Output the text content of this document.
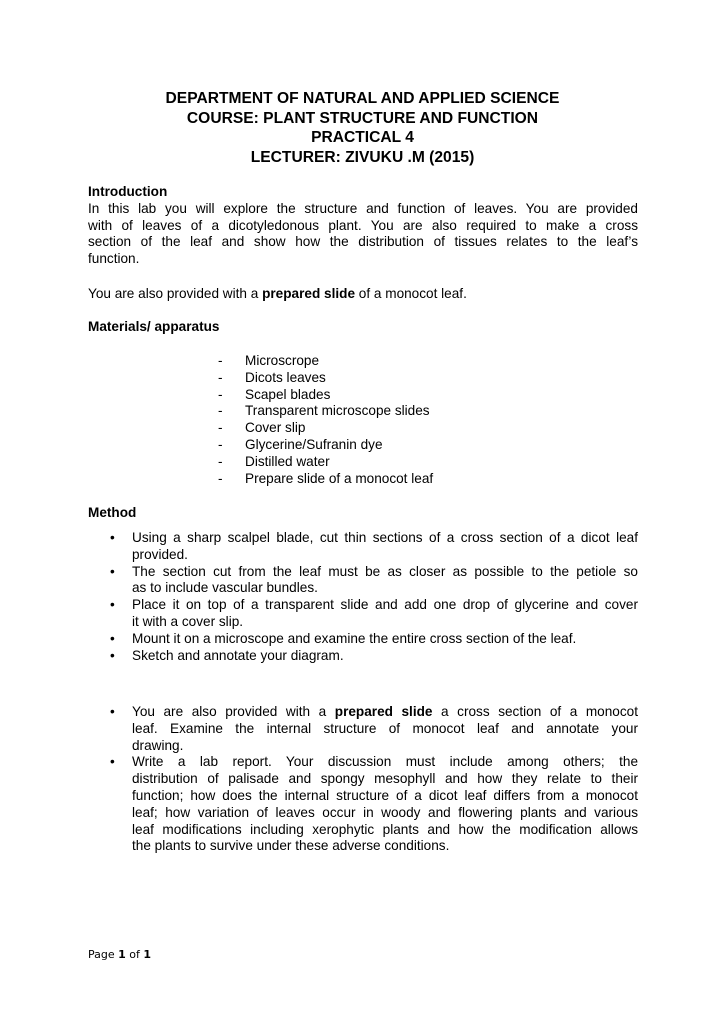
DEPARTMENT OF NATURAL AND APPLIED SCIENCE
COURSE: PLANT STRUCTURE AND FUNCTION
PRACTICAL 4
LECTURER: ZIVUKU .M (2015)
Introduction
In this lab you will explore the structure and function of leaves. You are provided
with of leaves of a dicotyledonous plant. You are also required to make a cross
section of the leaf and show how the distribution of tissues relates to the leaf’s
function.
You are also provided with a prepared slide of a monocot leaf.
Materials/ apparatus
- Microscrope
- Dicots leaves
- Scapel blades
- Transparent microscope slides
- Cover slip
- Glycerine/Sufranin dye
- Distilled water
- Prepare slide of a monocot leaf
Method
• Using a sharp scalpel blade, cut thin sections of a cross section of a dicot leaf
provided.
• The section cut from the leaf must be as closer as possible to the petiole so
as to include vascular bundles.
• Place it on top of a transparent slide and add one drop of glycerine and cover
it with a cover slip.
• Mount it on a microscope and examine the entire cross section of the leaf.
• Sketch and annotate your diagram.
• You are also provided with a prepared slide a cross section of a monocot
leaf. Examine the internal structure of monocot leaf and annotate your
drawing.
• Write a lab report. Your discussion must include among others; the
distribution of palisade and spongy mesophyll and how they relate to their
function; how does the internal structure of a dicot leaf differs from a monocot
leaf; how variation of leaves occur in woody and flowering plants and various
leaf modifications including xerophytic plants and how the modification allows
the plants to survive under these adverse conditions.
Page 1 of 1
